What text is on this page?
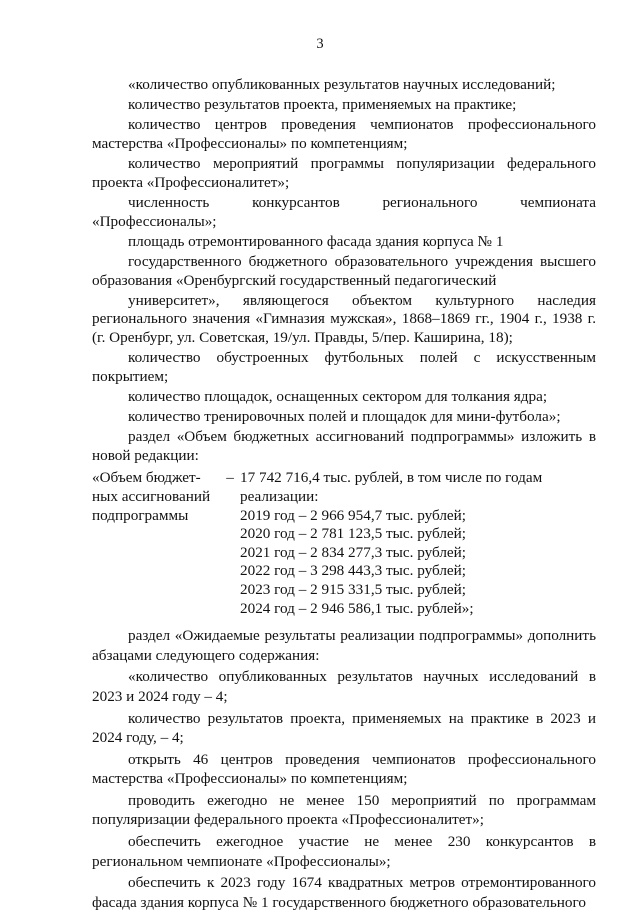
3

«количество опубликованных результатов научных исследований;

количество результатов проекта, применяемых на практике;

количество центров проведения чемпионатов профессионального мастерства «Профессионалы» по компетенциям;

количество мероприятий программы популяризации федерального проекта «Профессионалитет»;

численность конкурсантов регионального чемпионата «Профессионалы»;

площадь отремонтированного фасада здания корпуса № 1

государственного бюджетного образовательного учреждения высшего образования «Оренбургский государственный педагогический

университет», являющегося объектом культурного наследия регионального значения «Гимназия мужская», 1868–1869 гг., 1904 г., 1938 г. (г. Оренбург, ул. Советская, 19/ул. Правды, 5/пер. Каширина, 18);

количество обустроенных футбольных полей с искусственным покрытием;

количество площадок, оснащенных сектором для толкания ядра;

количество тренировочных полей и площадок для мини-футбола»;

раздел «Объем бюджетных ассигнований подпрограммы» изложить в новой редакции:

«Объем бюджет-
ных ассигнований
подпрограммы
– 17 742 716,4 тыс. рублей, в том числе по годам реализации:
2019 год – 2 966 954,7 тыс. рублей;
2020 год – 2 781 123,5 тыс. рублей;
2021 год – 2 834 277,3 тыс. рублей;
2022 год – 3 298 443,3 тыс. рублей;
2023 год – 2 915 331,5 тыс. рублей;
2024 год – 2 946 586,1 тыс. рублей»;

раздел «Ожидаемые результаты реализации подпрограммы» дополнить абзацами следующего содержания:

«количество опубликованных результатов научных исследований в 2023 и 2024 году – 4;

количество результатов проекта, применяемых на практике в 2023 и 2024 году, – 4;

открыть 46 центров проведения чемпионатов профессионального мастерства «Профессионалы» по компетенциям;

проводить ежегодно не менее 150 мероприятий по программам популяризации федерального проекта «Профессионалитет»;

обеспечить ежегодное участие не менее 230 конкурсантов в региональном чемпионате «Профессионалы»;

обеспечить к 2023 году 1674 квадратных метров отремонтированного фасада здания корпуса № 1 государственного бюджетного образовательного
